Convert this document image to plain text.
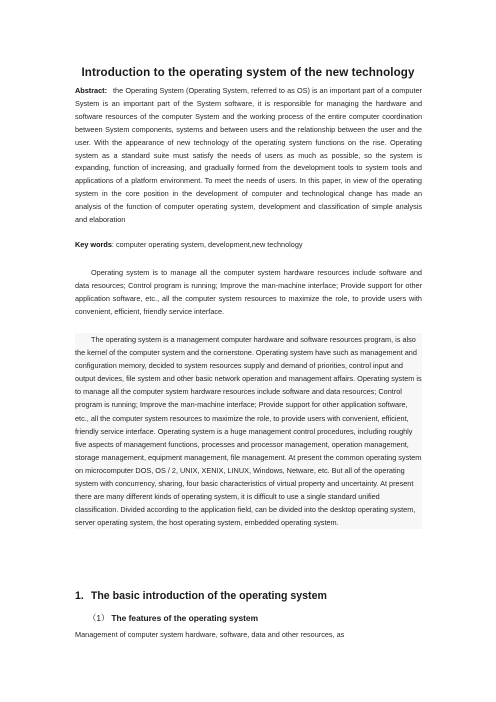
Introduction to the operating system of the new technology
Abstract: the Operating System (Operating System, referred to as OS) is an important part of a computer System is an important part of the System software, it is responsible for managing the hardware and software resources of the computer System and the working process of the entire computer coordination between System components, systems and between users and the relationship between the user and the user. With the appearance of new technology of the operating system functions on the rise. Operating system as a standard suite must satisfy the needs of users as much as possible, so the system is expanding, function of increasing, and gradually formed from the development tools to system tools and applications of a platform environment. To meet the needs of users. In this paper, in view of the operating system in the core position in the development of computer and technological change has made an analysis of the function of computer operating system, development and classification of simple analysis and elaboration
Key words: computer operating system, development,new technology
Operating system is to manage all the computer system hardware resources include software and data resources; Control program is running; Improve the man-machine interface; Provide support for other application software, etc., all the computer system resources to maximize the role, to provide users with convenient, efficient, friendly service interface.
The operating system is a management computer hardware and software resources program, is also the kernel of the computer system and the cornerstone. Operating system have such as management and configuration memory, decided to system resources supply and demand of priorities, control input and output devices, file system and other basic network operation and management affairs. Operating system is to manage all the computer system hardware resources include software and data resources; Control program is running; Improve the man-machine interface; Provide support for other application software, etc., all the computer system resources to maximize the role, to provide users with convenient, efficient, friendly service interface. Operating system is a huge management control procedures, including roughly five aspects of management functions, processes and processor management, operation management, storage management, equipment management, file management. At present the common operating system on microcomputer DOS, OS / 2, UNIX, XENIX, LINUX, Windows, Netware, etc. But all of the operating system with concurrency, sharing, four basic characteristics of virtual property and uncertainty. At present there are many different kinds of operating system, it is difficult to use a single standard unified classification. Divided according to the application field, can be divided into the desktop operating system, server operating system, the host operating system, embedded operating system.
1. The basic introduction of the operating system
（1） The features of the operating system
Management of computer system hardware, software, data and other resources, as
